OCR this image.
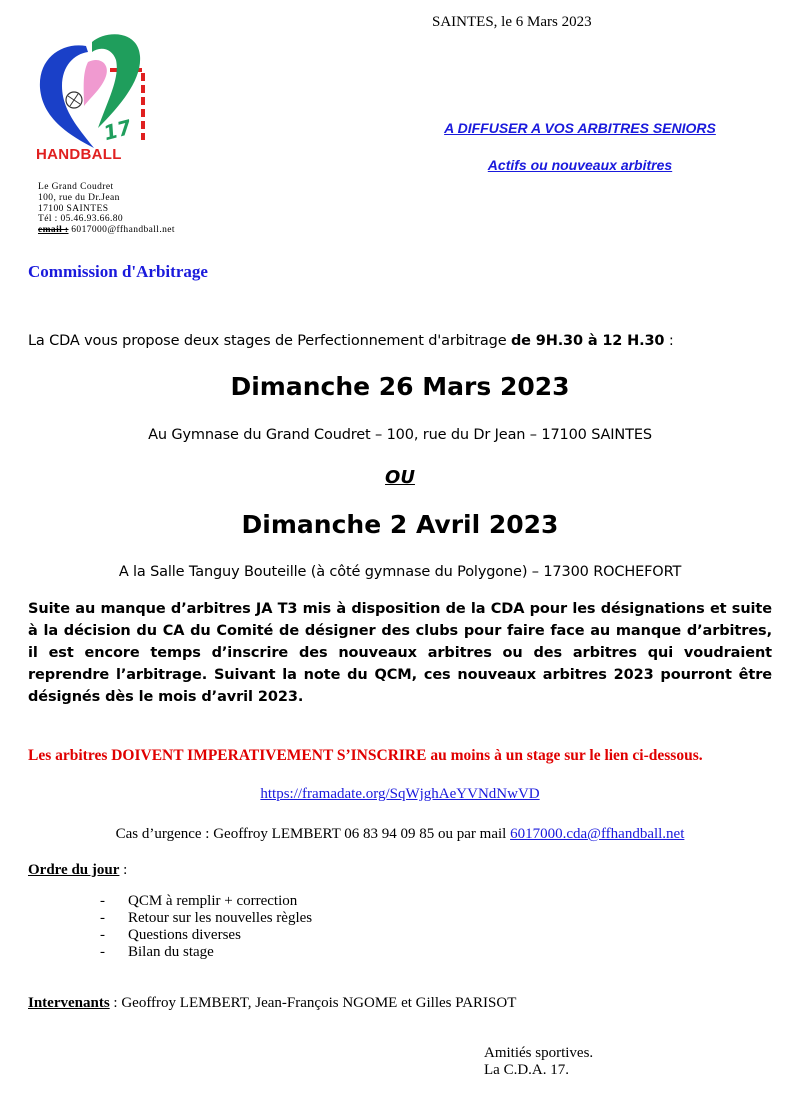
SAINTES, le 6 Mars 2023
17
HANDBALL
A DIFFUSER A VOS ARBITRES SENIORS
Actifs ou nouveaux arbitres
Le Grand Coudret
100, rue du Dr.Jean
17100 SAINTES
Tél : 05.46.93.66.80
email : 6017000@ffhandball.net
Commission d'Arbitrage
La CDA vous propose deux stages de Perfectionnement d'arbitrage de 9H.30 à 12 H.30 :
Dimanche 26 Mars 2023
Au Gymnase du Grand Coudret – 100, rue du Dr Jean – 17100 SAINTES
OU
Dimanche 2 Avril 2023
A la Salle Tanguy Bouteille (à côté gymnase du Polygone) – 17300 ROCHEFORT
Suite au manque d’arbitres JA T3 mis à disposition de la CDA pour les désignations et suite à la décision du CA du Comité de désigner des clubs pour faire face au manque d’arbitres, il est encore temps d’inscrire des nouveaux arbitres ou des arbitres qui voudraient reprendre l’arbitrage. Suivant la note du QCM, ces nouveaux arbitres 2023 pourront être désignés dès le mois d’avril 2023.
Les arbitres DOIVENT IMPERATIVEMENT S’INSCRIRE au moins à un stage sur le lien ci-dessous.
https://framadate.org/SqWjghAeYVNdNwVD
Cas d’urgence : Geoffroy LEMBERT 06 83 94 09 85 ou par mail 6017000.cda@ffhandball.net
Ordre du jour :
- QCM à remplir + correction
- Retour sur les nouvelles règles
- Questions diverses
- Bilan du stage
Intervenants : Geoffroy LEMBERT, Jean-François NGOME et Gilles PARISOT
Amitiés sportives.
La C.D.A. 17.
